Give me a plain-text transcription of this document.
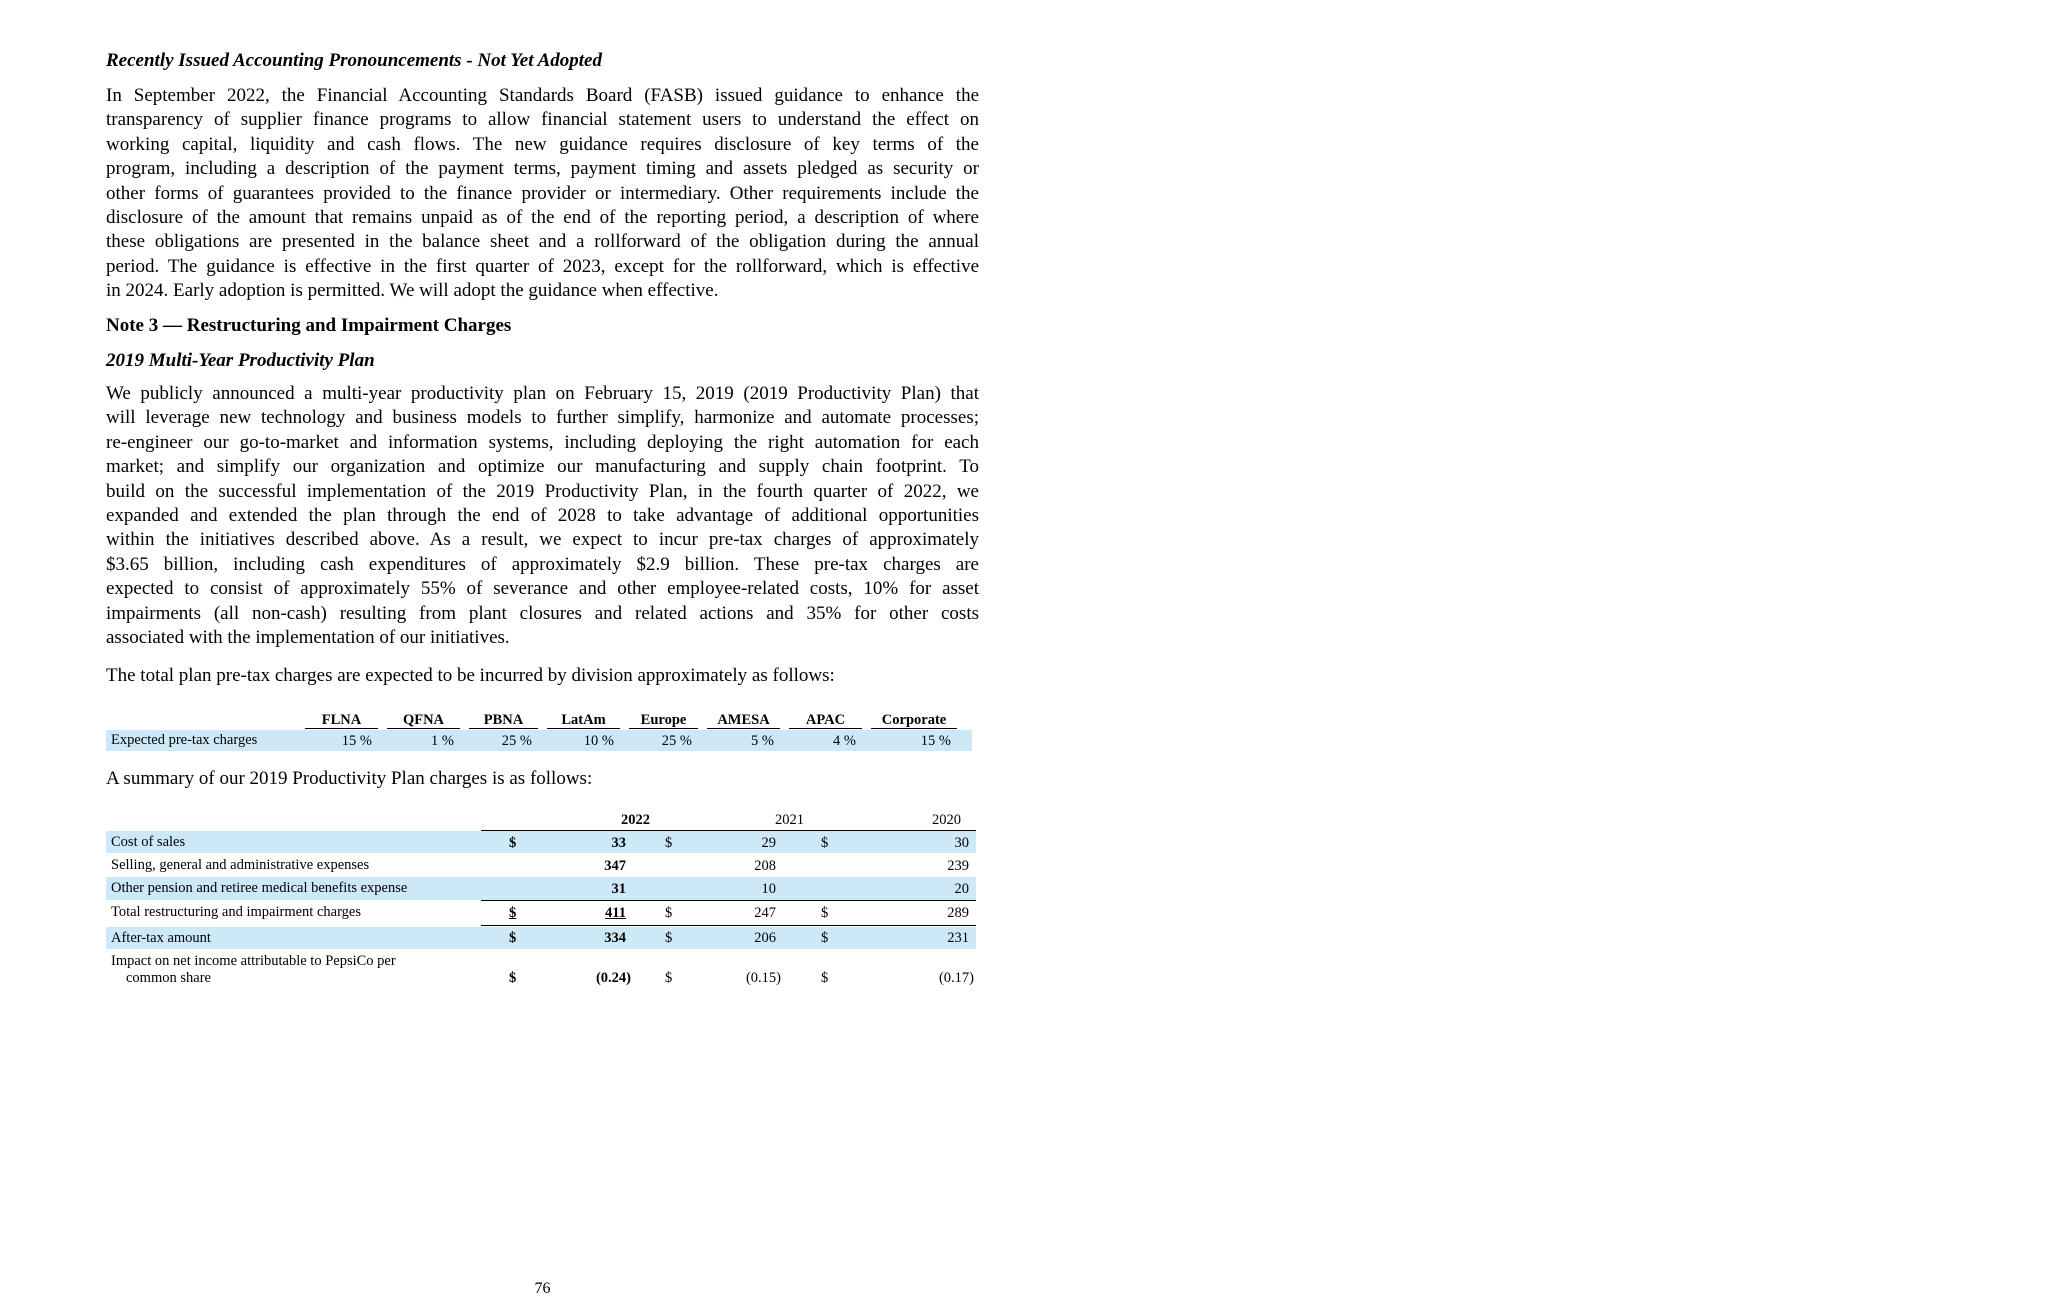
Recently Issued Accounting Pronouncements - Not Yet Adopted
In September 2022, the Financial Accounting Standards Board (FASB) issued guidance to enhance the
transparency of supplier finance programs to allow financial statement users to understand the effect on
working capital, liquidity and cash flows. The new guidance requires disclosure of key terms of the
program, including a description of the payment terms, payment timing and assets pledged as security or
other forms of guarantees provided to the finance provider or intermediary. Other requirements include the
disclosure of the amount that remains unpaid as of the end of the reporting period, a description of where
these obligations are presented in the balance sheet and a rollforward of the obligation during the annual
period. The guidance is effective in the first quarter of 2023, except for the rollforward, which is effective
in 2024. Early adoption is permitted. We will adopt the guidance when effective.
Note 3 — Restructuring and Impairment Charges
2019 Multi-Year Productivity Plan
We publicly announced a multi-year productivity plan on February 15, 2019 (2019 Productivity Plan) that
will leverage new technology and business models to further simplify, harmonize and automate processes;
re-engineer our go-to-market and information systems, including deploying the right automation for each
market; and simplify our organization and optimize our manufacturing and supply chain footprint. To
build on the successful implementation of the 2019 Productivity Plan, in the fourth quarter of 2022, we
expanded and extended the plan through the end of 2028 to take advantage of additional opportunities
within the initiatives described above. As a result, we expect to incur pre-tax charges of approximately
$3.65 billion, including cash expenditures of approximately $2.9 billion. These pre-tax charges are
expected to consist of approximately 55% of severance and other employee-related costs, 10% for asset
impairments (all non-cash) resulting from plant closures and related actions and 35% for other costs
associated with the implementation of our initiatives.
The total plan pre-tax charges are expected to be incurred by division approximately as follows:
FLNA	QFNA	PBNA	LatAm	Europe	AMESA	APAC	Corporate
Expected pre-tax charges	15 %	1 %	25 %	10 %	25 %	5 %	4 %	15 %
A summary of our 2019 Productivity Plan charges is as follows:
2022	2021	2020
Cost of sales	$	33	$	29	$	30
Selling, general and administrative expenses	347	208	239
Other pension and retiree medical benefits expense	31	10	20
Total restructuring and impairment charges	$	411	$	247	$	289
After-tax amount	$	334	$	206	$	231
Impact on net income attributable to PepsiCo per
common share	$	(0.24) $	(0.15)	$	(0.17)
76
